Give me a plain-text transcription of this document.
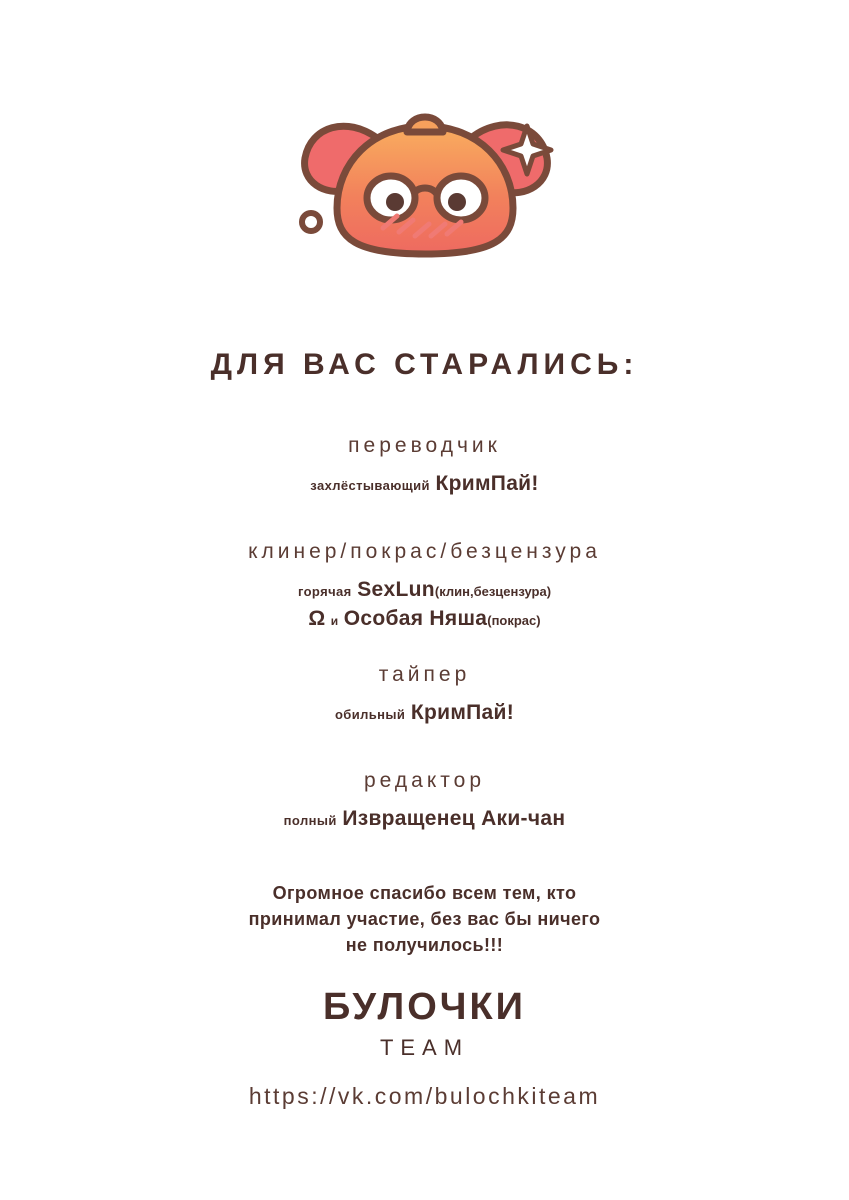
ДЛЯ ВАС СТАРАЛИСЬ:
переводчик
захлёстывающий КримПай!
клинер/покрас/безцензура
горячая SexLun(клин,безцензура)
Ω и Особая Няша(покрас)
тайпер
обильный КримПай!
редактор
полный Извращенец Аки-чан
Огромное спасибо всем тем, кто
принимал участие, без вас бы ничего
не получилось!!!
БУЛОЧКИ
TEAM
https://vk.com/bulochkiteam
